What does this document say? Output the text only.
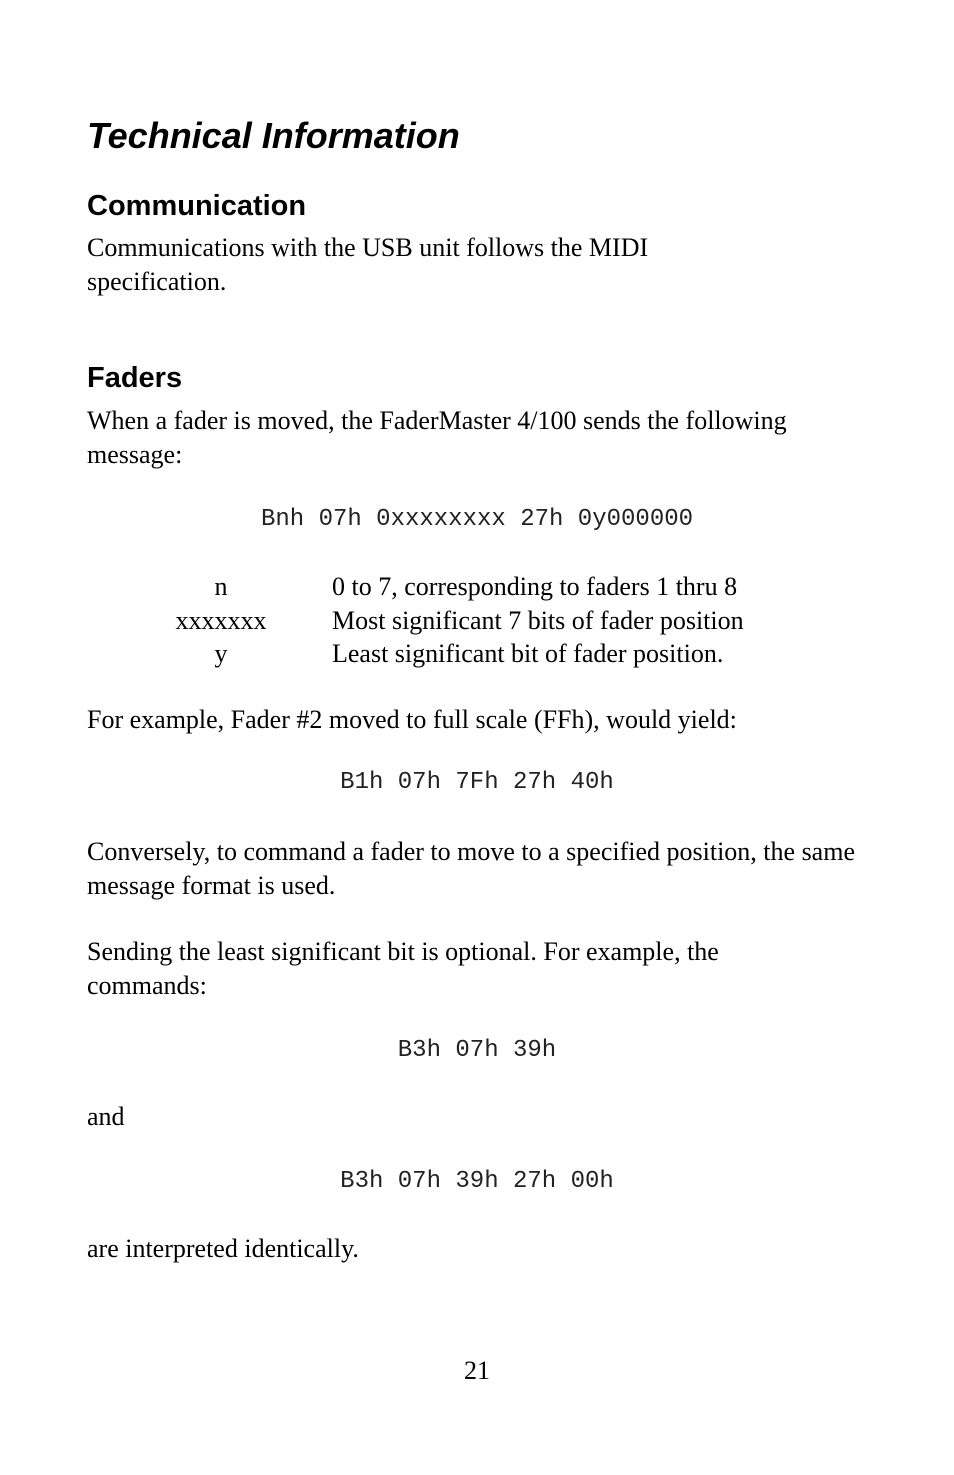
Technical Information
Communication

Communications with the USB unit follows the MIDI specification.

Faders

When a fader is moved, the FaderMaster 4/100 sends the following message:

Bnh 07h 0xxxxxxxx 27h 0y000000
n	0 to 7, corresponding to faders 1 thru 8
xxxxxxx	Most significant 7 bits of fader position
y	Least significant bit of fader position.

For example, Fader #2 moved to full scale (FFh), would yield:

B1h 07h 7Fh 27h 40h

Conversely, to command a fader to move to a specified position, the same message format is used.

Sending the least significant bit is optional. For example, the commands:

B3h 07h 39h

and

B3h 07h 39h 27h 00h

are interpreted identically.

21
